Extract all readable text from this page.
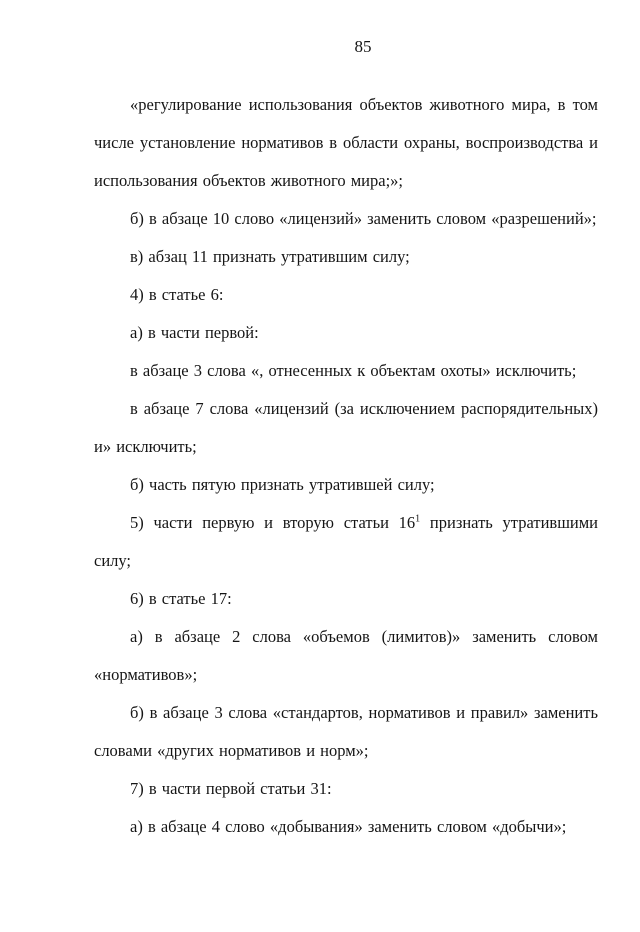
85

«регулирование использования объектов животного мира, в том числе установление нормативов в области охраны, воспроизводства и использования объектов животного мира;»;

б) в абзаце 10 слово «лицензий» заменить словом «разрешений»;

в) абзац 11 признать утратившим силу;

4) в статье 6:

а) в части первой:

в абзаце 3 слова «, отнесенных к объектам охоты» исключить;

в абзаце 7 слова «лицензий (за исключением распорядительных) и» исключить;

б) часть пятую признать утратившей силу;

5) части первую и вторую статьи $16^1$ признать утратившими силу;

6) в статье 17:

а) в абзаце 2 слова «объемов (лимитов)» заменить словом «нормативов»;

б) в абзаце 3 слова «стандартов, нормативов и правил» заменить словами «других нормативов и норм»;

7) в части первой статьи 31:

а) в абзаце 4 слово «добывания» заменить словом «добычи»;
